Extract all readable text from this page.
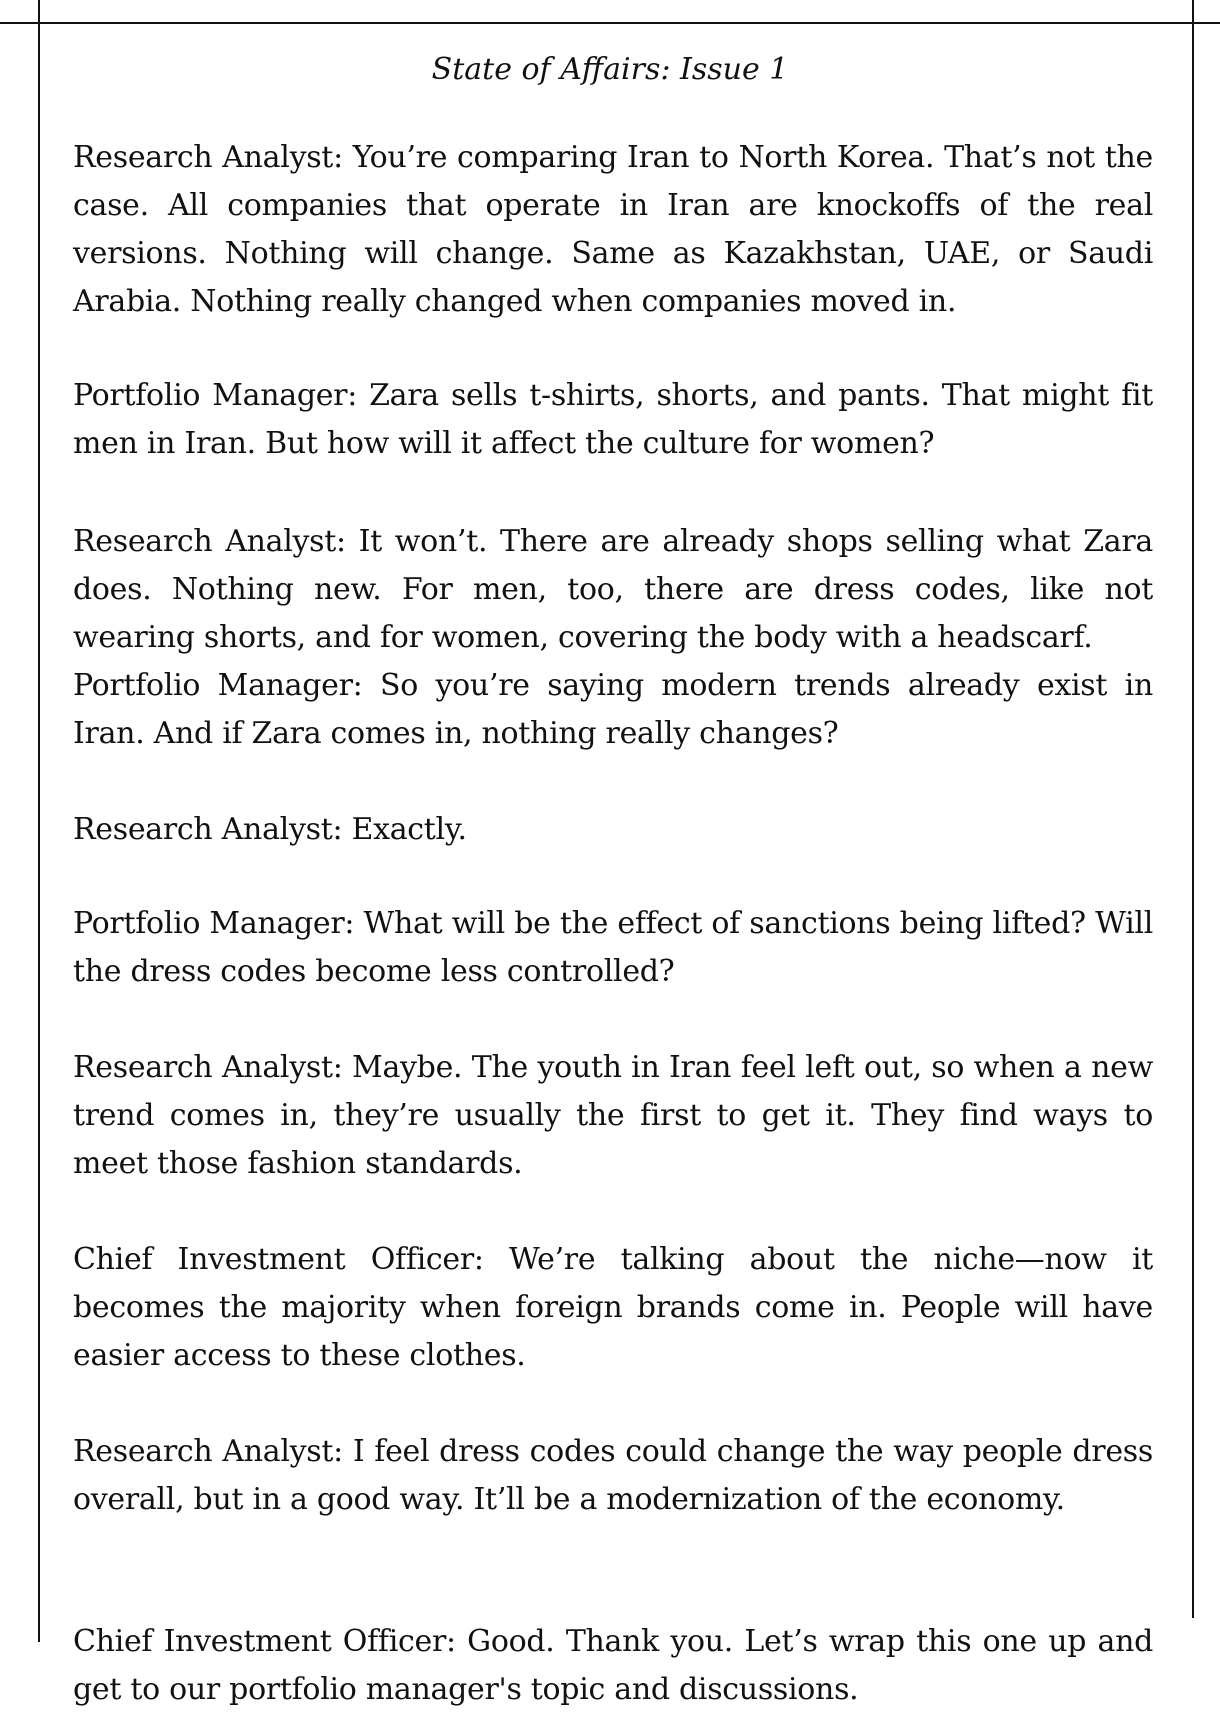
State of Affairs: Issue 1

Research Analyst: You’re comparing Iran to North Korea. That’s not the case. All companies that operate in Iran are knockoffs of the real versions. Nothing will change. Same as Kazakhstan, UAE, or Saudi Arabia. Nothing really changed when companies moved in.

Portfolio Manager: Zara sells t-shirts, shorts, and pants. That might fit men in Iran. But how will it affect the culture for women?

Research Analyst: It won’t. There are already shops selling what Zara does. Nothing new. For men, too, there are dress codes, like not wearing shorts, and for women, covering the body with a headscarf.

Portfolio Manager: So you’re saying modern trends already exist in Iran. And if Zara comes in, nothing really changes?

Research Analyst: Exactly.

Portfolio Manager: What will be the effect of sanctions being lifted? Will the dress codes become less controlled?

Research Analyst: Maybe. The youth in Iran feel left out, so when a new trend comes in, they’re usually the first to get it. They find ways to meet those fashion standards.

Chief Investment Officer: We’re talking about the niche—now it becomes the majority when foreign brands come in. People will have easier access to these clothes.

Research Analyst: I feel dress codes could change the way people dress overall, but in a good way. It’ll be a modernization of the economy.

Chief Investment Officer: Good. Thank you. Let’s wrap this one up and get to our portfolio manager's topic and discussions.
